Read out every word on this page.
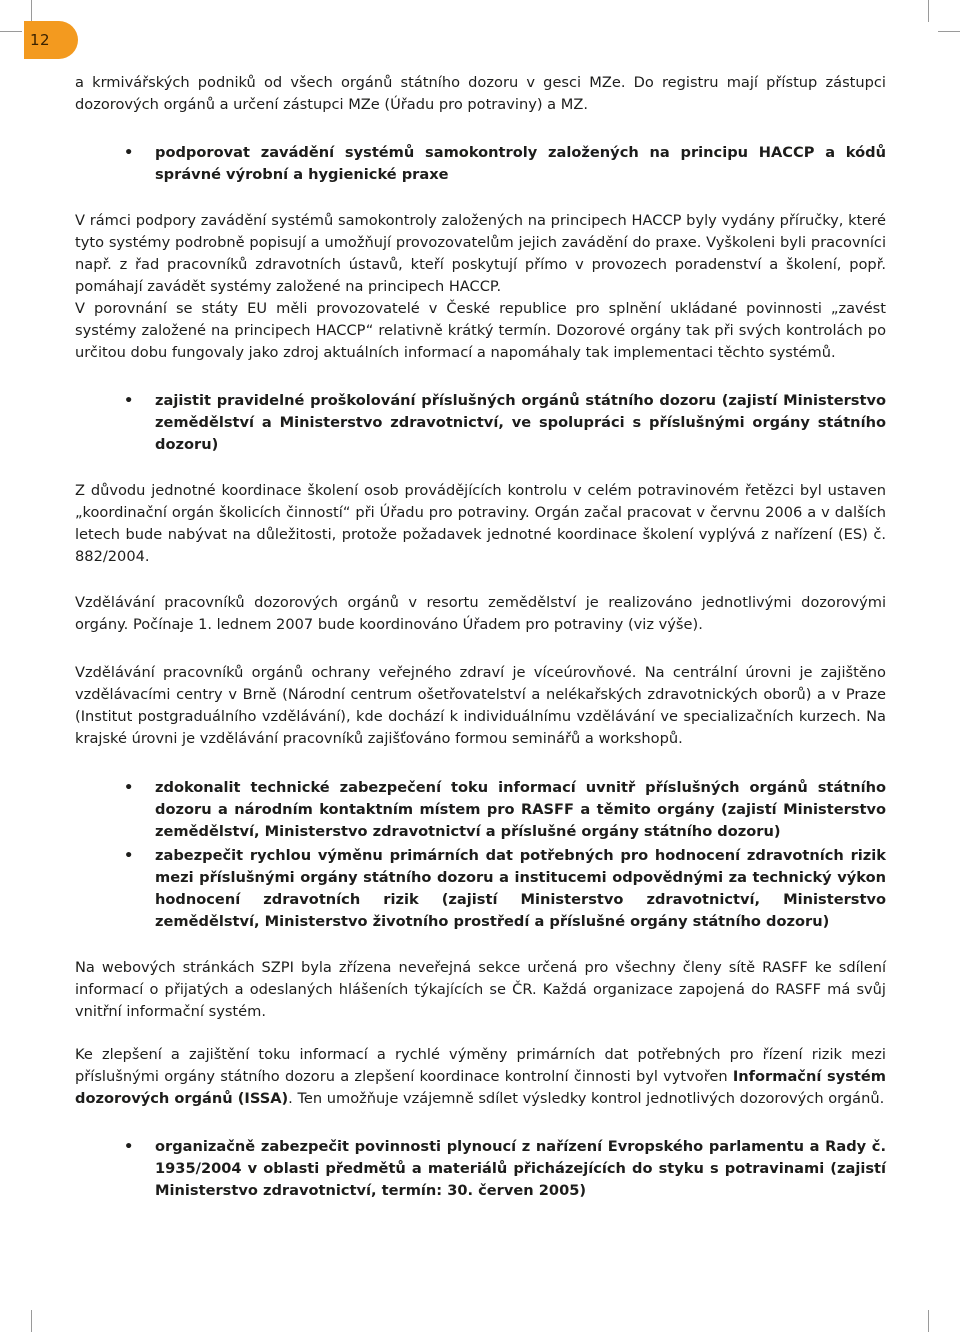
12

a krmivářských podniků od všech orgánů státního dozoru v gesci MZe. Do registru mají přístup zástupci dozorových orgánů a určení zástupci MZe (Úřadu pro potraviny) a MZ.

• podporovat zavádění systémů samokontroly založených na principu HACCP a kódů správné výrobní a hygienické praxe

V rámci podpory zavádění systémů samokontroly založených na principech HACCP byly vydány příručky, které tyto systémy podrobně popisují a umožňují provozovatelům jejich zavádění do praxe. Vyškoleni byli pracovníci např. z řad pracovníků zdravotních ústavů, kteří poskytují přímo v provozech poradenství a školení, popř. pomáhají zavádět systémy založené na principech HACCP.

V porovnání se státy EU měli provozovatelé v České republice pro splnění ukládané povinnosti „zavést systémy založené na principech HACCP“ relativně krátký termín. Dozorové orgány tak při svých kontrolách po určitou dobu fungovaly jako zdroj aktuálních informací a napomáhaly tak implementaci těchto systémů.

• zajistit pravidelné proškolování příslušných orgánů státního dozoru (zajistí Ministerstvo zemědělství a Ministerstvo zdravotnictví, ve spolupráci s příslušnými orgány státního dozoru)

Z důvodu jednotné koordinace školení osob provádějících kontrolu v celém potravinovém řetězci byl ustaven „koordinační orgán školicích činností“ při Úřadu pro potraviny. Orgán začal pracovat v červnu 2006 a v dalších letech bude nabývat na důležitosti, protože požadavek jednotné koordinace školení vyplývá z nařízení (ES) č. 882/2004.

Vzdělávání pracovníků dozorových orgánů v resortu zemědělství je realizováno jednotlivými dozorovými orgány. Počínaje 1. lednem 2007 bude koordinováno Úřadem pro potraviny (viz výše).

Vzdělávání pracovníků orgánů ochrany veřejného zdraví je víceúrovňové. Na centrální úrovni je zajištěno vzdělávacími centry v Brně (Národní centrum ošetřovatelství a nelékařských zdravotnických oborů) a v Praze (Institut postgraduálního vzdělávání), kde dochází k individuálnímu vzdělávání ve specializačních kurzech. Na krajské úrovni je vzdělávání pracovníků zajišťováno formou seminářů a workshopů.

• zdokonalit technické zabezpečení toku informací uvnitř příslušných orgánů státního dozoru a národním kontaktním místem pro RASFF a těmito orgány (zajistí Ministerstvo zemědělství, Ministerstvo zdravotnictví a příslušné orgány státního dozoru)

• zabezpečit rychlou výměnu primárních dat potřebných pro hodnocení zdravotních rizik mezi příslušnými orgány státního dozoru a institucemi odpovědnými za technický výkon hodnocení zdravotních rizik (zajistí Ministerstvo zdravotnictví, Ministerstvo zemědělství, Ministerstvo životního prostředí a příslušné orgány státního dozoru)

Na webových stránkách SZPI byla zřízena neveřejná sekce určená pro všechny členy sítě RASFF ke sdílení informací o přijatých a odeslaných hlášeních týkajících se ČR. Každá organizace zapojená do RASFF má svůj vnitřní informační systém.

Ke zlepšení a zajištění toku informací a rychlé výměny primárních dat potřebných pro řízení rizik mezi příslušnými orgány státního dozoru a zlepšení koordinace kontrolní činnosti byl vytvořen Informační systém dozorových orgánů (ISSA). Ten umožňuje vzájemně sdílet výsledky kontrol jednotlivých dozorových orgánů.

• organizačně zabezpečit povinnosti plynoucí z nařízení Evropského parlamentu a Rady č. 1935/2004 v oblasti předmětů a materiálů přicházejících do styku s potravinami (zajistí Ministerstvo zdravotnictví, termín: 30. červen 2005)
